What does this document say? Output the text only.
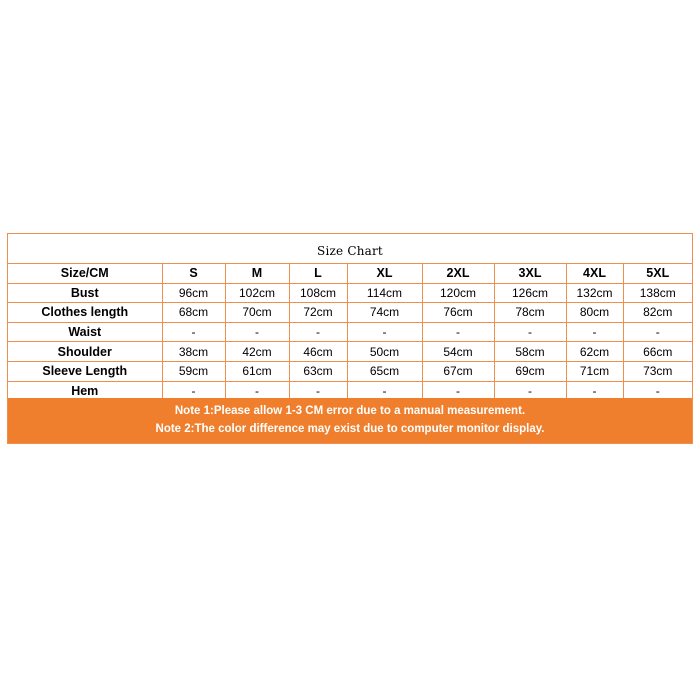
Size Chart
Size/CM	S	M	L	XL	2XL	3XL	4XL	5XL
Bust	96cm	102cm	108cm	114cm	120cm	126cm	132cm	138cm
Clothes length	68cm	70cm	72cm	74cm	76cm	78cm	80cm	82cm
Waist	-	-	-	-	-	-	-	-
Shoulder	38cm	42cm	46cm	50cm	54cm	58cm	62cm	66cm
Sleeve Length	59cm	61cm	63cm	65cm	67cm	69cm	71cm	73cm
Hem	-	-	-	-	-	-	-	-
Note 1:Please allow 1-3 CM error due to a manual measurement.
Note 2:The color difference may exist due to computer monitor display.
